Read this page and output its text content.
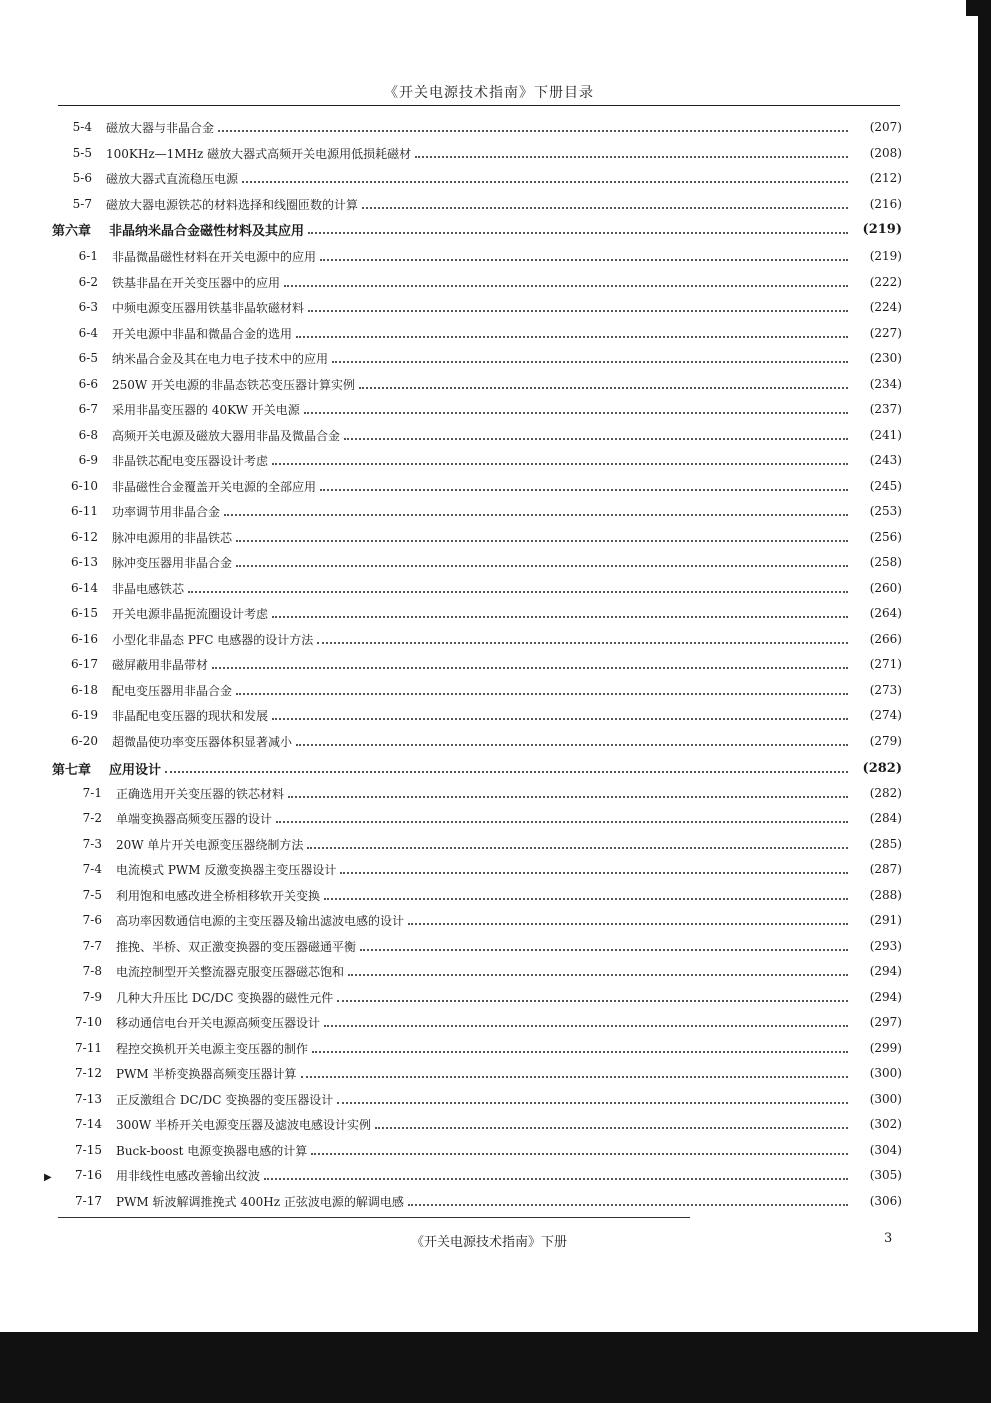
《开关电源技术指南》下册目录
5-4	磁放大器与非晶合金	(207)
5-5	100KHz—1MHz 磁放大器式高频开关电源用低损耗磁材	(208)
5-6	磁放大器式直流稳压电源	(212)
5-7	磁放大器电源铁芯的材料选择和线圈匝数的计算	(216)
第六章	非晶纳米晶合金磁性材料及其应用	(219)
6-1	非晶微晶磁性材料在开关电源中的应用	(219)
6-2	铁基非晶在开关变压器中的应用	(222)
6-3	中频电源变压器用铁基非晶软磁材料	(224)
6-4	开关电源中非晶和微晶合金的选用	(227)
6-5	纳米晶合金及其在电力电子技术中的应用	(230)
6-6	250W 开关电源的非晶态铁芯变压器计算实例	(234)
6-7	采用非晶变压器的 40KW 开关电源	(237)
6-8	高频开关电源及磁放大器用非晶及微晶合金	(241)
6-9	非晶铁芯配电变压器设计考虑	(243)
6-10	非晶磁性合金覆盖开关电源的全部应用	(245)
6-11	功率调节用非晶合金	(253)
6-12	脉冲电源用的非晶铁芯	(256)
6-13	脉冲变压器用非晶合金	(258)
6-14	非晶电感铁芯	(260)
6-15	开关电源非晶扼流圈设计考虑	(264)
6-16	小型化非晶态 PFC 电感器的设计方法	(266)
6-17	磁屏蔽用非晶带材	(271)
6-18	配电变压器用非晶合金	(273)
6-19	非晶配电变压器的现状和发展	(274)
6-20	超微晶使功率变压器体积显著减小	(279)
第七章	应用设计	(282)
7-1	正确选用开关变压器的铁芯材料	(282)
7-2	单端变换器高频变压器的设计	(284)
7-3	20W 单片开关电源变压器绕制方法	(285)
7-4	电流模式 PWM 反激变换器主变压器设计	(287)
7-5	利用饱和电感改进全桥相移软开关变换	(288)
7-6	高功率因数通信电源的主变压器及输出滤波电感的设计	(291)
7-7	推挽、半桥、双正激变换器的变压器磁通平衡	(293)
7-8	电流控制型开关整流器克服变压器磁芯饱和	(294)
7-9	几种大升压比 DC/DC 变换器的磁性元件	(294)
7-10	移动通信电台开关电源高频变压器设计	(297)
7-11	程控交换机开关电源主变压器的制作	(299)
7-12	PWM 半桥变换器高频变压器计算	(300)
7-13	正反激组合 DC/DC 变换器的变压器设计	(300)
7-14	300W 半桥开关电源变压器及滤波电感设计实例	(302)
7-15	Buck-boost 电源变换器电感的计算	(304)
7-16	用非线性电感改善输出纹波	(305)
7-17	PWM 斩波解调推挽式 400Hz 正弦波电源的解调电感	(306)
《开关电源技术指南》下册	3
▶
